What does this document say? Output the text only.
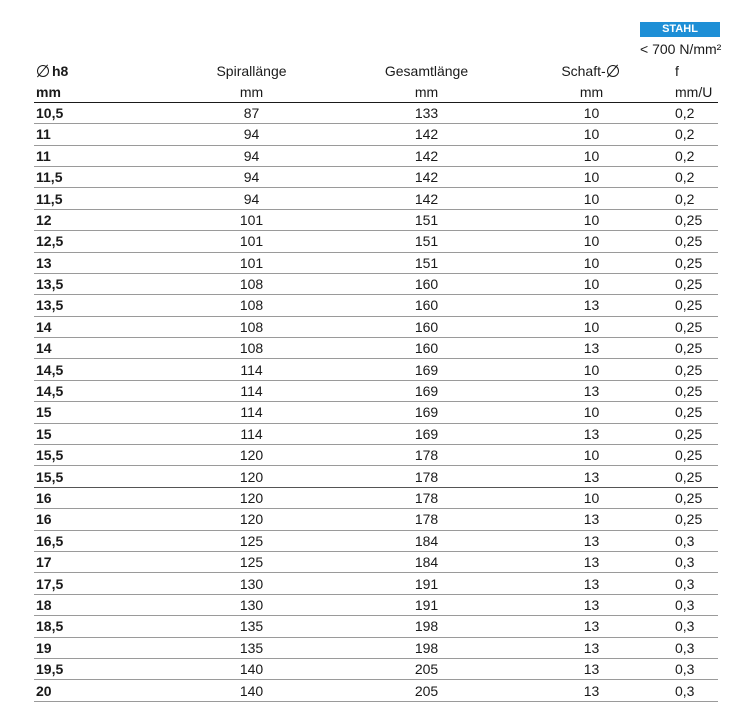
STAHL
< 700 N/mm²
h8	Spirallänge	Gesamtlänge	Schaft-	f
mm	mm	mm	mm	mm/U
10,5	87	133	10	0,2
11	94	142	10	0,2
11	94	142	10	0,2
11,5	94	142	10	0,2
11,5	94	142	10	0,2
12	101	151	10	0,25
12,5	101	151	10	0,25
13	101	151	10	0,25
13,5	108	160	10	0,25
13,5	108	160	13	0,25
14	108	160	10	0,25
14	108	160	13	0,25
14,5	114	169	10	0,25
14,5	114	169	13	0,25
15	114	169	10	0,25
15	114	169	13	0,25
15,5	120	178	10	0,25
15,5	120	178	13	0,25
16	120	178	10	0,25
16	120	178	13	0,25
16,5	125	184	13	0,3
17	125	184	13	0,3
17,5	130	191	13	0,3
18	130	191	13	0,3
18,5	135	198	13	0,3
19	135	198	13	0,3
19,5	140	205	13	0,3
20	140	205	13	0,3
